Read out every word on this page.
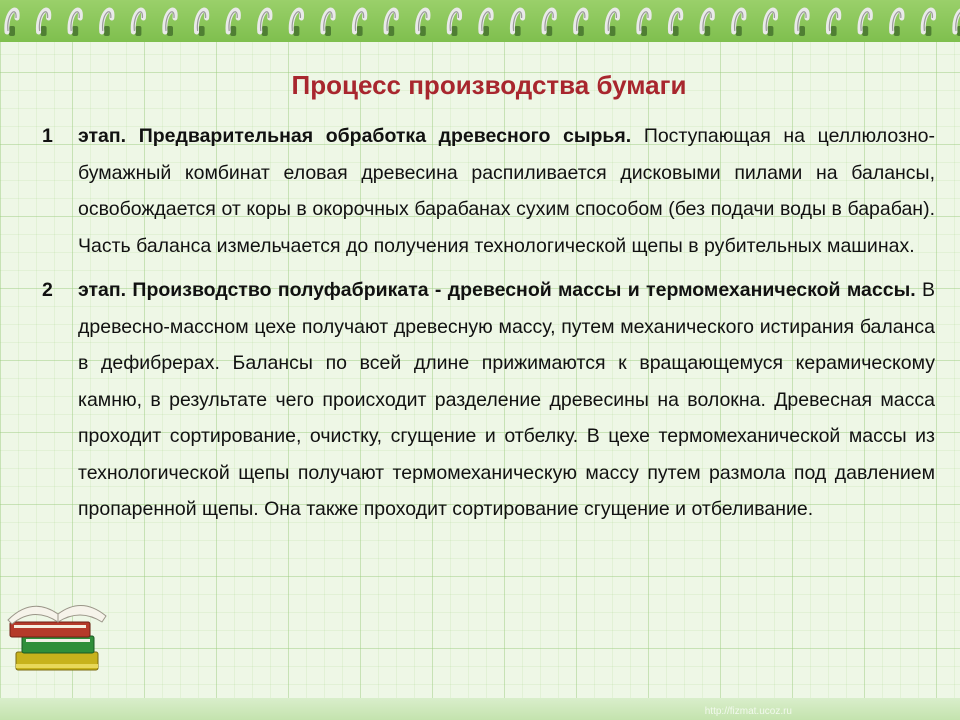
Процесс производства бумаги
1	этап. Предварительная обработка древесного сырья. Поступающая на целлюлозно-бумажный комбинат еловая древесина распиливается дисковыми пилами на балансы, освобождается от коры в окорочных барабанах сухим способом (без подачи воды в барабан). Часть баланса измельчается до получения технологической щепы в рубительных машинах.
2	этап. Производство полуфабриката - древесной массы и термомеханической массы. В древесно-массном цехе получают древесную массу, путем механического истирания баланса в дефибрерах. Балансы по всей длине прижимаются к вращающемуся керамическому камню, в результате чего происходит разделение древесины на волокна. Древесная масса проходит сортирование, очистку, сгущение и отбелку. В цехе термомеханической массы из технологической щепы получают термомеханическую массу путем размола под давлением пропаренной щепы. Она также проходит сортирование сгущение и отбеливание.
http://fizmat.ucoz.ru
